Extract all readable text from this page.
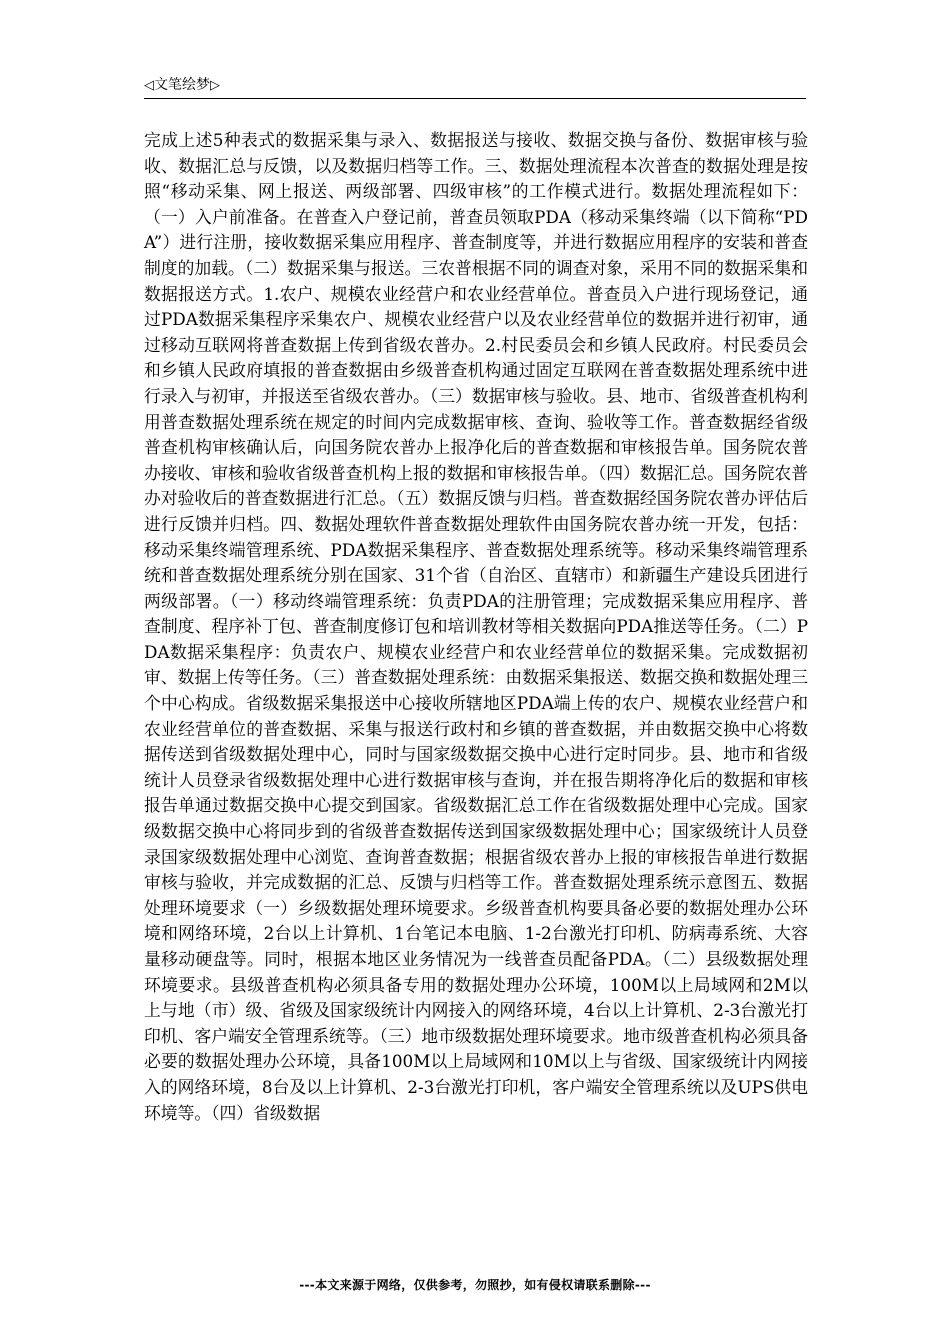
◁文笔绘梦▷

完成上述5种表式的数据采集与录入、数据报送与接收、数据交换与备份、数据审核与验收、数据汇总与反馈，以及数据归档等工作。三、数据处理流程本次普查的数据处理是按照“移动采集、网上报送、两级部署、四级审核”的工作模式进行。数据处理流程如下：（一）入户前准备。在普查入户登记前，普查员领取PDA（移动采集终端（以下简称“PDA”）进行注册，接收数据采集应用程序、普查制度等，并进行数据应用程序的安装和普查制度的加载。（二）数据采集与报送。三农普根据不同的调查对象，采用不同的数据采集和数据报送方式。1.农户、规模农业经营户和农业经营单位。普查员入户进行现场登记，通过PDA数据采集程序采集农户、规模农业经营户以及农业经营单位的数据并进行初审，通过移动互联网将普查数据上传到省级农普办。2.村民委员会和乡镇人民政府。村民委员会和乡镇人民政府填报的普查数据由乡级普查机构通过固定互联网在普查数据处理系统中进行录入与初审，并报送至省级农普办。（三）数据审核与验收。县、地市、省级普查机构利用普查数据处理系统在规定的时间内完成数据审核、查询、验收等工作。普查数据经省级普查机构审核确认后，向国务院农普办上报净化后的普查数据和审核报告单。国务院农普办接收、审核和验收省级普查机构上报的数据和审核报告单。（四）数据汇总。国务院农普办对验收后的普查数据进行汇总。（五）数据反馈与归档。普查数据经国务院农普办评估后进行反馈并归档。四、数据处理软件普查数据处理软件由国务院农普办统一开发，包括：移动采集终端管理系统、PDA数据采集程序、普查数据处理系统等。移动采集终端管理系统和普查数据处理系统分别在国家、31个省（自治区、直辖市）和新疆生产建设兵团进行两级部署。（一）移动终端管理系统：负责PDA的注册管理；完成数据采集应用程序、普查制度、程序补丁包、普查制度修订包和培训教材等相关数据向PDA推送等任务。（二）PDA数据采集程序：负责农户、规模农业经营户和农业经营单位的数据采集。完成数据初审、数据上传等任务。（三）普查数据处理系统：由数据采集报送、数据交换和数据处理三个中心构成。省级数据采集报送中心接收所辖地区PDA端上传的农户、规模农业经营户和农业经营单位的普查数据、采集与报送行政村和乡镇的普查数据，并由数据交换中心将数据传送到省级数据处理中心，同时与国家级数据交换中心进行定时同步。县、地市和省级统计人员登录省级数据处理中心进行数据审核与查询，并在报告期将净化后的数据和审核报告单通过数据交换中心提交到国家。省级数据汇总工作在省级数据处理中心完成。国家级数据交换中心将同步到的省级普查数据传送到国家级数据处理中心；国家级统计人员登录国家级数据处理中心浏览、查询普查数据；根据省级农普办上报的审核报告单进行数据审核与验收，并完成数据的汇总、反馈与归档等工作。普查数据处理系统示意图五、数据处理环境要求（一）乡级数据处理环境要求。乡级普查机构要具备必要的数据处理办公环境和网络环境，2台以上计算机、1台笔记本电脑、1-2台激光打印机、防病毒系统、大容量移动硬盘等。同时，根据本地区业务情况为一线普查员配备PDA。（二）县级数据处理环境要求。县级普查机构必须具备专用的数据处理办公环境，100M以上局域网和2M以上与地（市）级、省级及国家级统计内网接入的网络环境，4台以上计算机、2-3台激光打印机、客户端安全管理系统等。（三）地市级数据处理环境要求。地市级普查机构必须具备必要的数据处理办公环境，具备100M以上局域网和10M以上与省级、国家级统计内网接入的网络环境，8台及以上计算机、2-3台激光打印机，客户端安全管理系统以及UPS供电环境等。（四）省级数据

---本文来源于网络，仅供参考，勿照抄，如有侵权请联系删除---
